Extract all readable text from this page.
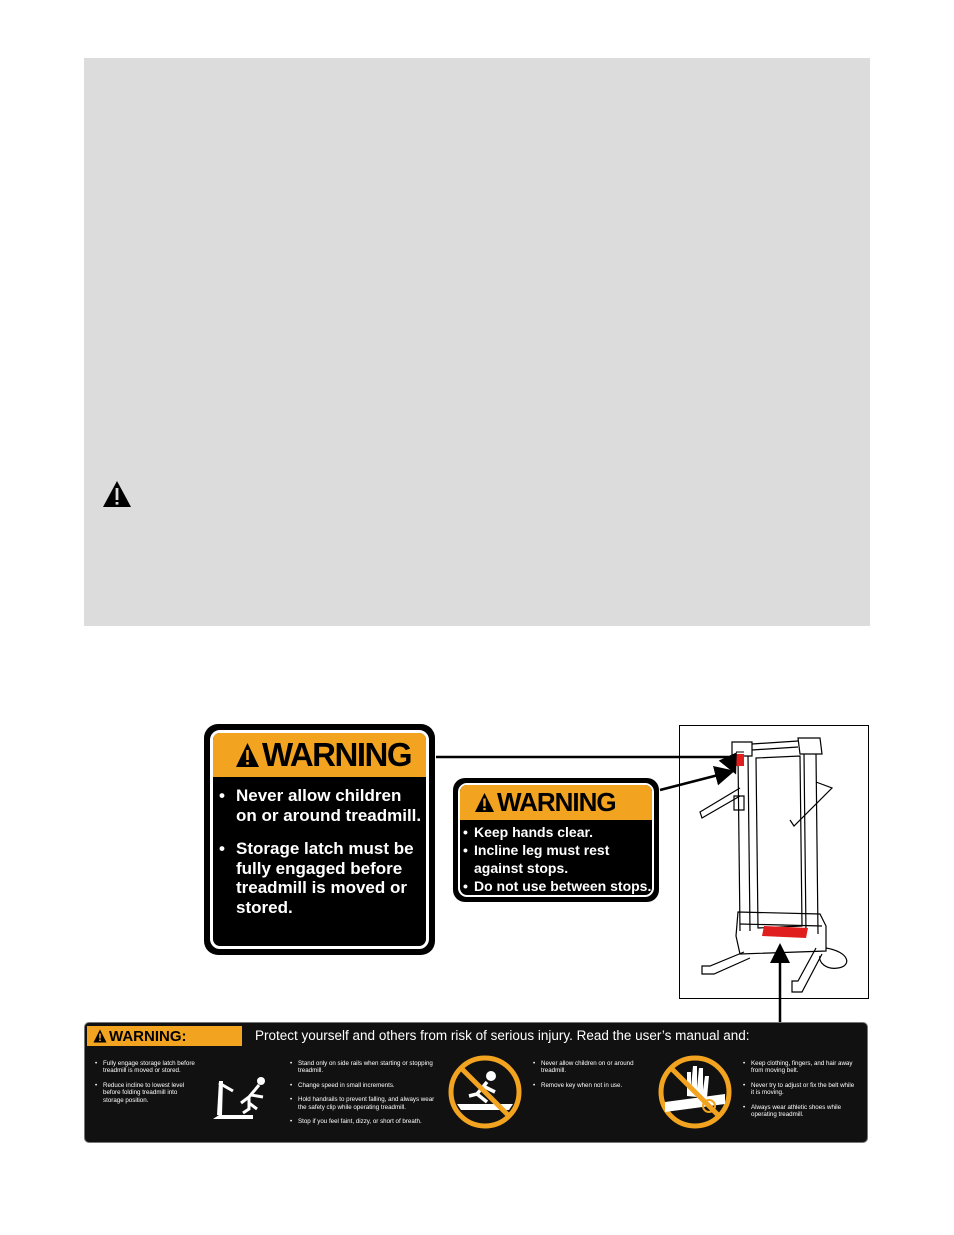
WARNING
• Never allow children on or around treadmill.
• Storage latch must be fully engaged before treadmill is moved or stored.
WARNING
• Keep hands clear.
• Incline leg must rest against stops.
• Do not use between stops.
WARNING:	Protect yourself and others from risk of serious injury. Read the user’s manual and:
• Fully engage storage latch before treadmill is moved or stored.
• Reduce incline to lowest level before folding treadmill into storage position.
• Stand only on side rails when starting or stopping treadmill.
• Change speed in small increments.
• Hold handrails to prevent falling, and always wear the safety clip while operating treadmill.
• Stop if you feel faint, dizzy, or short of breath.
• Never allow children on or around treadmill.
• Remove key when not in use.
• Keep clothing, fingers, and hair away from moving belt.
• Never try to adjust or fix the belt while it is moving.
• Always wear athletic shoes while operating treadmill.
